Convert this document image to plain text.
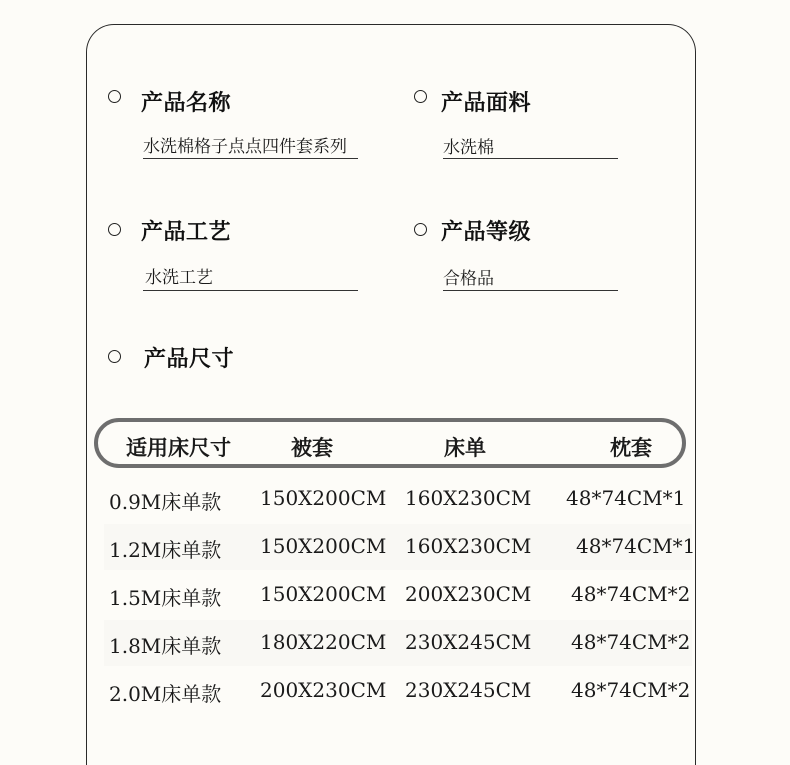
产品名称
水洗棉格子点点四件套系列
产品面料
水洗棉
产品工艺
水洗工艺
产品等级
合格品
产品尺寸
适用床尺寸	被套	床单	枕套
0.9M床单款 150X200CM 160X230CM 48*74CM*1
1.2M床单款 150X200CM 160X230CM 48*74CM*1
1.5M床单款 150X200CM 200X230CM 48*74CM*2
1.8M床单款 180X220CM 230X245CM 48*74CM*2
2.0M床单款 200X230CM 230X245CM 48*74CM*2
